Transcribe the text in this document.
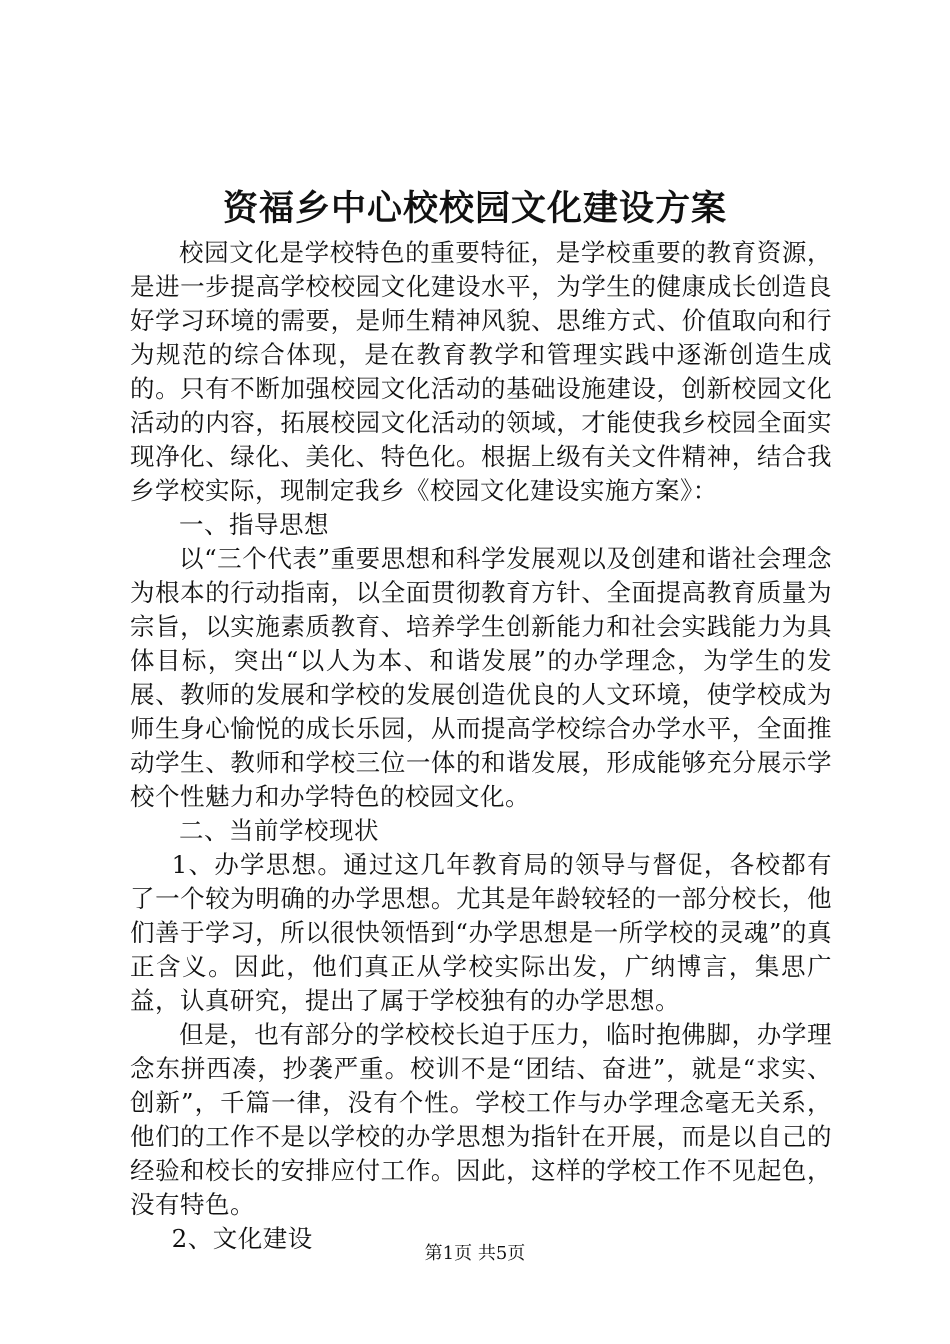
资福乡中心校校园文化建设方案

校园文化是学校特色的重要特征，是学校重要的教育资源，是进一步提高学校校园文化建设水平，为学生的健康成长创造良好学习环境的需要，是师生精神风貌、思维方式、价值取向和行为规范的综合体现，是在教育教学和管理实践中逐渐创造生成的。只有不断加强校园文化活动的基础设施建设，创新校园文化活动的内容，拓展校园文化活动的领域，才能使我乡校园全面实现净化、绿化、美化、特色化。根据上级有关文件精神，结合我乡学校实际，现制定我乡《校园文化建设实施方案》：

一、指导思想

以“三个代表”重要思想和科学发展观以及创建和谐社会理念为根本的行动指南，以全面贯彻教育方针、全面提高教育质量为宗旨，以实施素质教育、培养学生创新能力和社会实践能力为具体目标，突出“以人为本、和谐发展”的办学理念，为学生的发展、教师的发展和学校的发展创造优良的人文环境，使学校成为师生身心愉悦的成长乐园，从而提高学校综合办学水平，全面推动学生、教师和学校三位一体的和谐发展，形成能够充分展示学校个性魅力和办学特色的校园文化。

二、当前学校现状

1、办学思想。通过这几年教育局的领导与督促，各校都有了一个较为明确的办学思想。尤其是年龄较轻的一部分校长，他们善于学习，所以很快领悟到“办学思想是一所学校的灵魂”的真正含义。因此，他们真正从学校实际出发，广纳博言，集思广益，认真研究，提出了属于学校独有的办学思想。

但是，也有部分的学校校长迫于压力，临时抱佛脚，办学理念东拼西凑，抄袭严重。校训不是“团结、奋进”，就是“求实、创新”，千篇一律，没有个性。学校工作与办学理念毫无关系，他们的工作不是以学校的办学思想为指针在开展，而是以自己的经验和校长的安排应付工作。因此，这样的学校工作不见起色，没有特色。

2、文化建设

第1页 共5页
